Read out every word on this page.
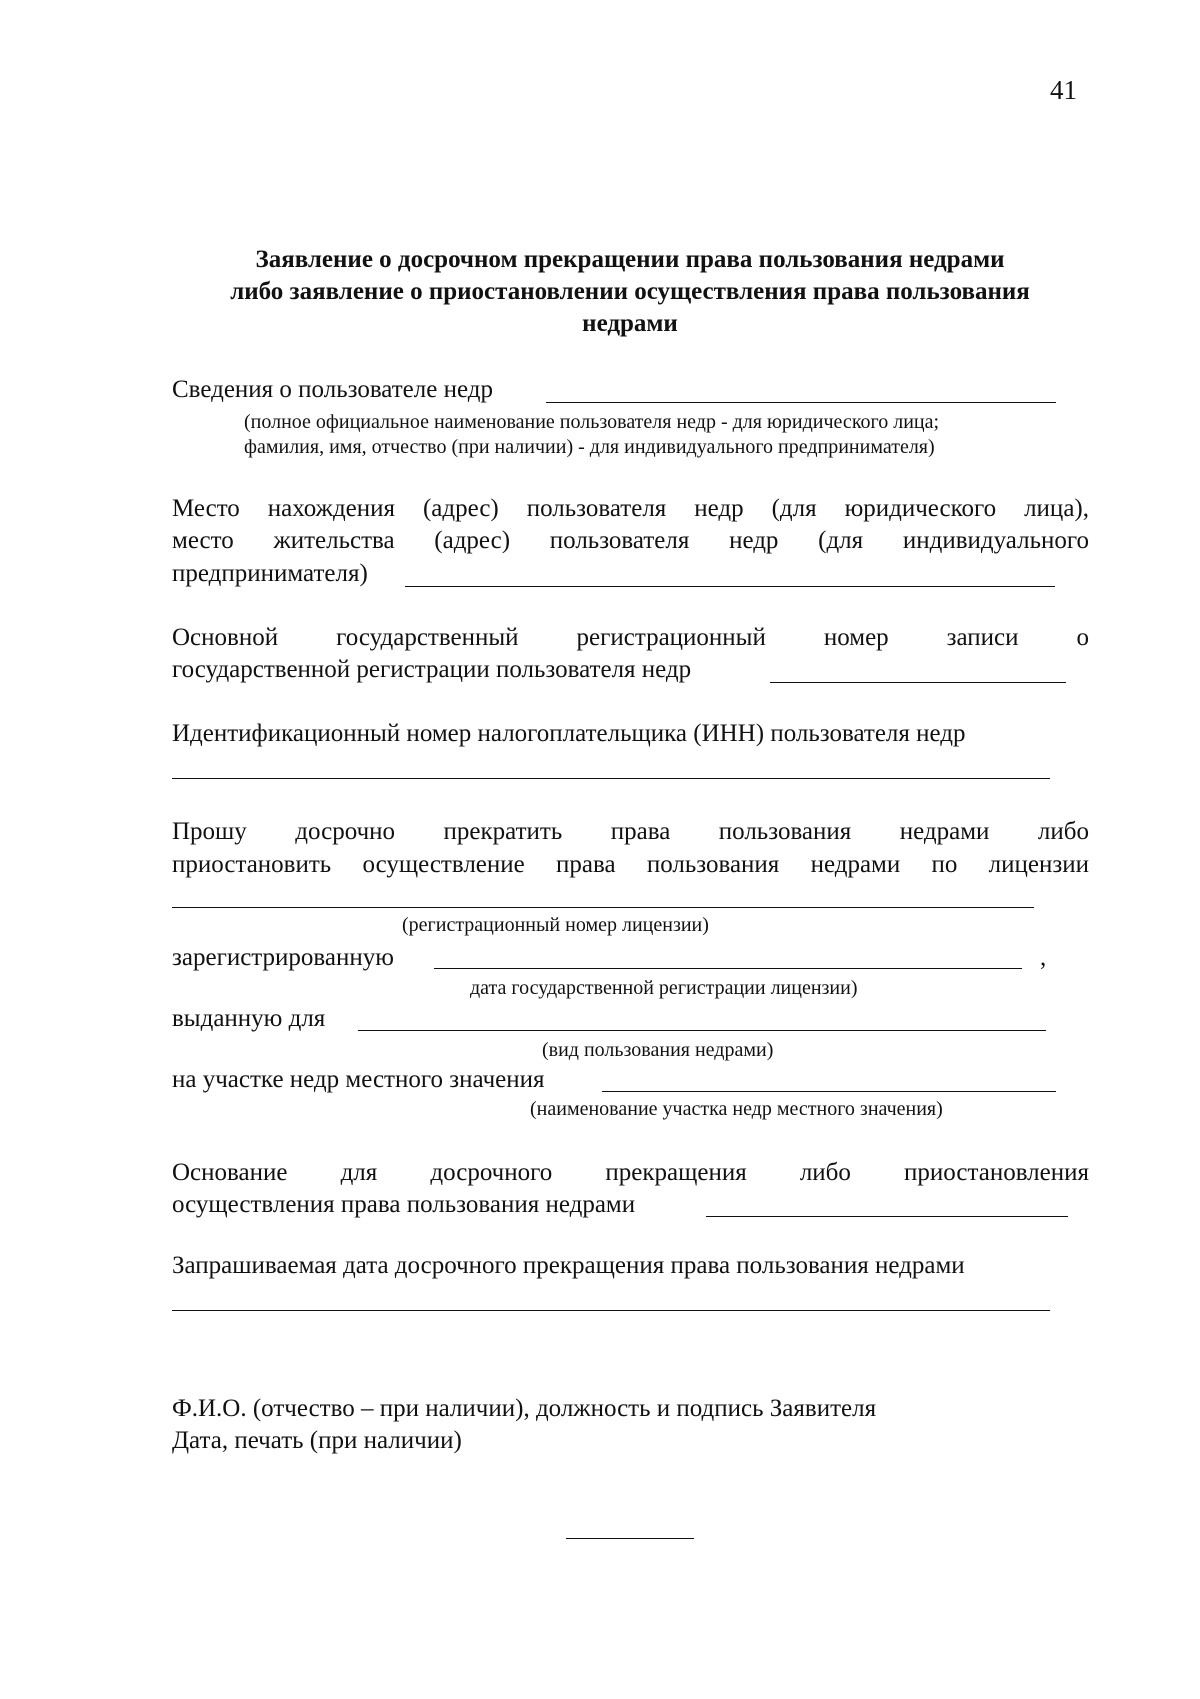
41
Заявление о досрочном прекращении права пользования недрами
либо заявление о приостановлении осуществления права пользования
недрами
Сведения о пользователе недр
(полное официальное наименование пользователя недр - для юридического лица;
фамилия, имя, отчество (при наличии) - для индивидуального предпринимателя)
Место нахождения (адрес) пользователя недр (для юридического лица),
место жительства (адрес) пользователя недр (для индивидуального
предпринимателя)
Основной государственный регистрационный номер записи о
государственной регистрации пользователя недр
Идентификационный номер налогоплательщика (ИНН) пользователя недр
Прошу досрочно прекратить права пользования недрами либо
приостановить осуществление права пользования недрами по лицензии
(регистрационный номер лицензии)
зарегистрированную	,
дата государственной регистрации лицензии)
выданную для
(вид пользования недрами)
на участке недр местного значения
(наименование участка недр местного значения)
Основание для досрочного прекращения либо приостановления
осуществления права пользования недрами
Запрашиваемая дата досрочного прекращения права пользования недрами
Ф.И.О. (отчество – при наличии), должность и подпись Заявителя
Дата, печать (при наличии)
